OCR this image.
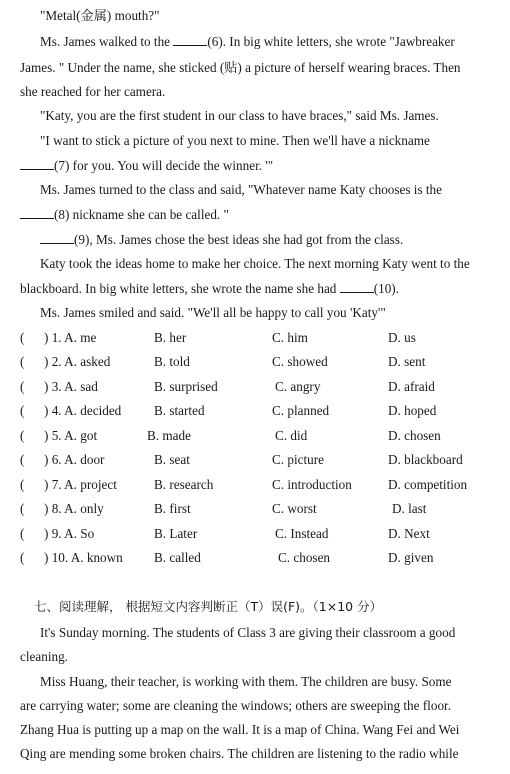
"Metal(金属) mouth?"
Ms. James walked to the	(6). In big white letters, she wrote "Jawbreaker
James. " Under the name, she sticked (贴) a picture of herself wearing braces. Then
she reached for her camera.
"Katy, you are the first student in our class to have braces," said Ms. James.
"I want to stick a picture of you next to mine. Then we'll have a nickname
(7) for you. You will decide the winner. '"
Ms. James turned to the class and said, "Whatever name Katy chooses is the
(8) nickname she can be called. "
(9), Ms. James chose the best ideas she had got from the class.
Katy took the ideas home to make her choice. The next morning Katy went to the
blackboard. In big white letters, she wrote the name she had	(10).
Ms. James smiled and said. "We'll all be happy to call you 'Katy'"
( ) 1. A. me	B. her	C. him	D. us
( ) 2. A. asked	B. told	C. showed	D. sent
( ) 3. A. sad	B. surprised	C. angry	D. afraid
( ) 4. A. decided B. started	C. planned	D. hoped
( ) 5. A. got	B. made	C. did	D. chosen
( ) 6. A. door	B. seat	C. picture	D. blackboard
( ) 7. A. project	B. research	C. introduction	D. competition
( ) 8. A. only	B. first	C. worst	D. last
( ) 9. A. So	B. Later	C. Instead	D. Next
( ) 10. A. known B. called	C. chosen	D. given
七、阅读理解， 根据短文内容判断正（T）误(F)。（1×10 分）
It's Sunday morning. The students of Class 3 are giving their classroom a good
cleaning.
Miss Huang, their teacher, is working with them. The children are busy. Some
are carrying water; some are cleaning the windows; others are sweeping the floor.
Zhang Hua is putting up a map on the wall. It is a map of China. Wang Fei and Wei
Qing are mending some broken chairs. The children are listening to the radio while
